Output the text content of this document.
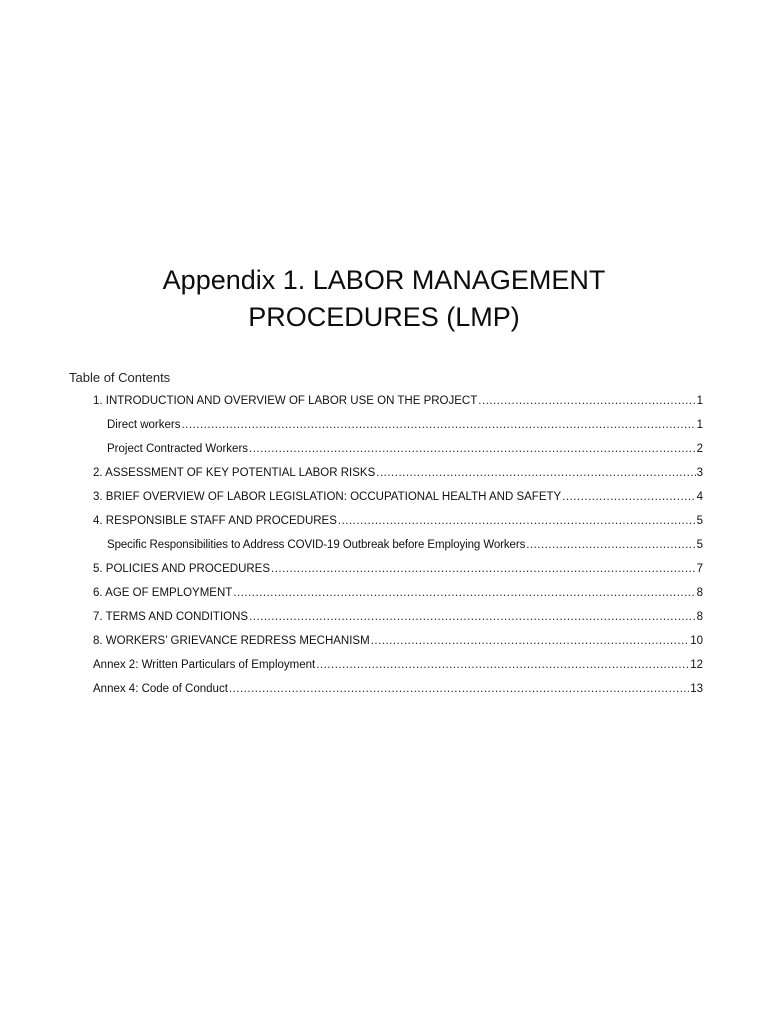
Appendix 1. LABOR MANAGEMENT
PROCEDURES (LMP)
Table of Contents
1. INTRODUCTION AND OVERVIEW OF LABOR USE ON THE PROJECT .....	1
Direct workers .....	1
Project Contracted Workers .....	2
2. ASSESSMENT OF KEY POTENTIAL LABOR RISKS .....	3
3. BRIEF OVERVIEW OF LABOR LEGISLATION: OCCUPATIONAL HEALTH AND SAFETY .....	4
4. RESPONSIBLE STAFF AND PROCEDURES .....	5
Specific Responsibilities to Address COVID-19 Outbreak before Employing Workers .....	5
5. POLICIES AND PROCEDURES .....	7
6. AGE OF EMPLOYMENT .....	8
7. TERMS AND CONDITIONS .....	8
8. WORKERS’ GRIEVANCE REDRESS MECHANISM .....	10
Annex 2: Written Particulars of Employment .....	12
Annex 4: Code of Conduct .....	13
